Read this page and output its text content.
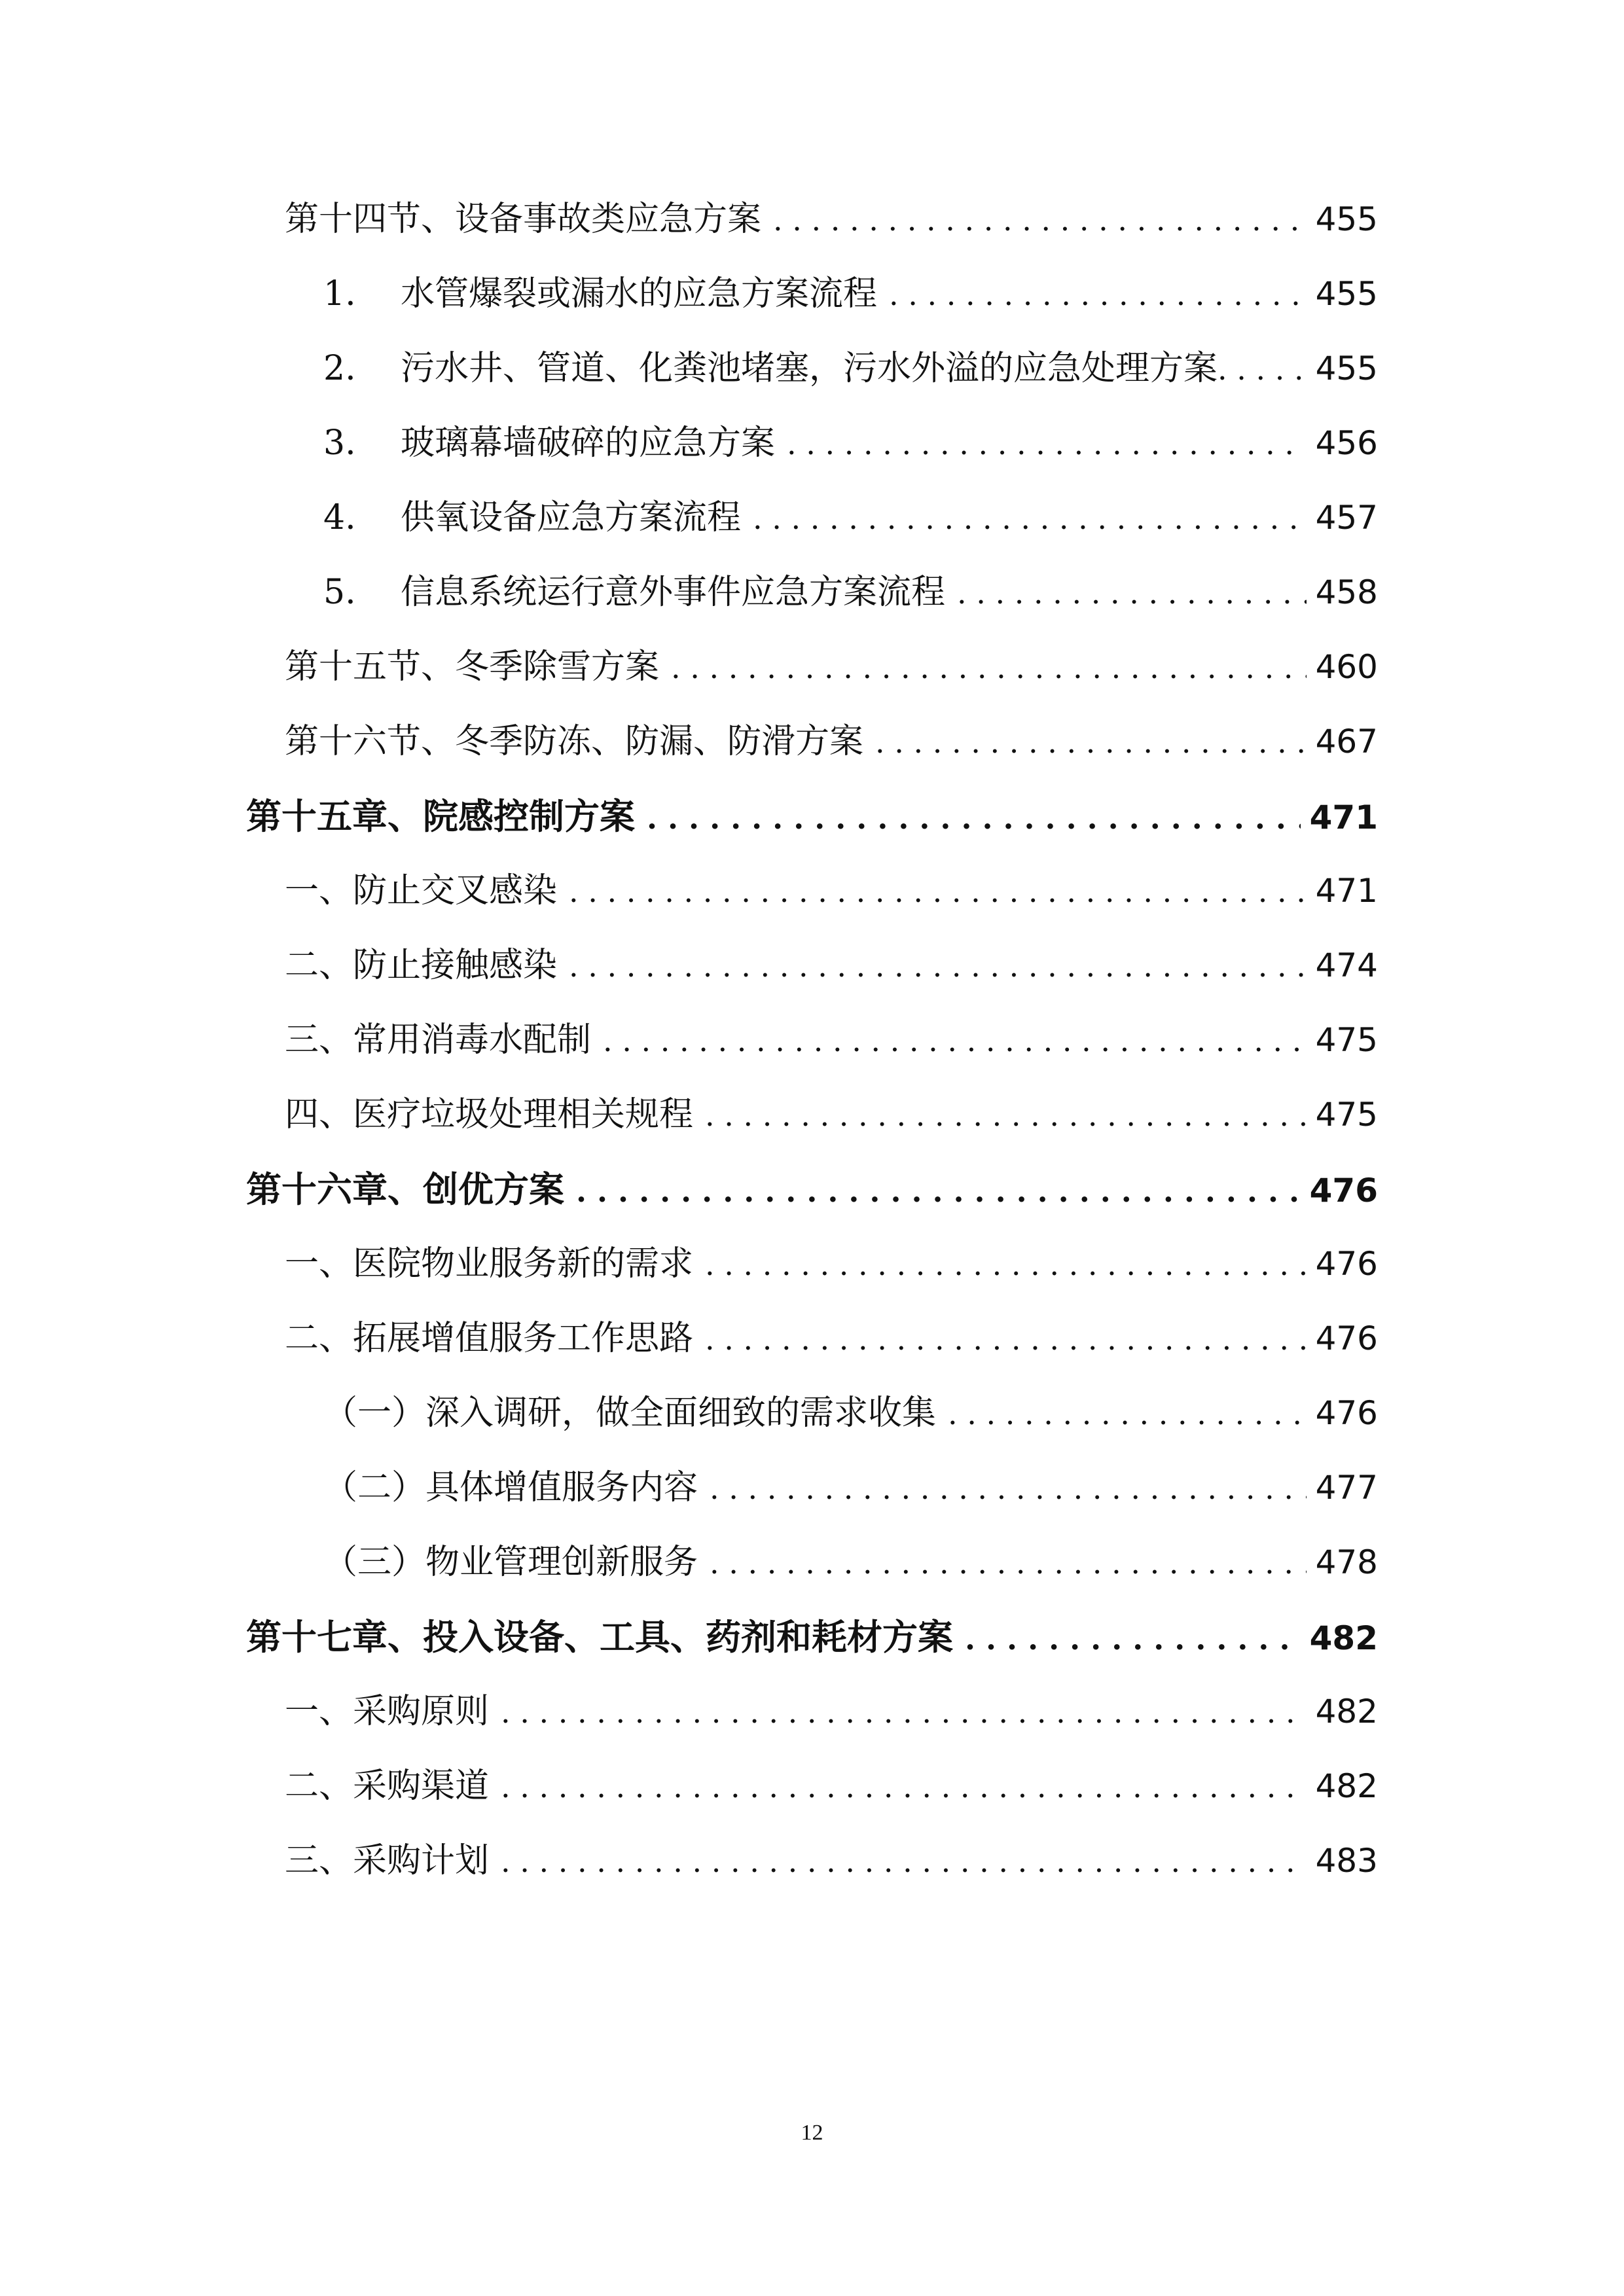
第十四节、设备事故类应急方案 . . .	455
1.	水管爆裂或漏水的应急方案流程 . . .	455
2.	污水井、管道、化粪池堵塞，污水外溢的应急处理方案 . . .	455
3.	玻璃幕墙破碎的应急方案 . . .	456
4.	供氧设备应急方案流程 . . .	457
5.	信息系统运行意外事件应急方案流程 . . .	458
第十五节、冬季除雪方案 . . .	460
第十六节、冬季防冻、防漏、防滑方案 . . .	467
第十五章、院感控制方案 . . .	471
一、防止交叉感染 . . .	471
二、防止接触感染 . . .	474
三、常用消毒水配制 . . .	475
四、医疗垃圾处理相关规程 . . .	475
第十六章、创优方案 . . .	476
一、医院物业服务新的需求 . . .	476
二、拓展增值服务工作思路 . . .	476
（一）深入调研，做全面细致的需求收集 . . .	476
（二）具体增值服务内容 . . .	477
（三）物业管理创新服务 . . .	478
第十七章、投入设备、工具、药剂和耗材方案 . . .	482
一、采购原则 . . .	482
二、采购渠道 . . .	482
三、采购计划 . . .	483
12
